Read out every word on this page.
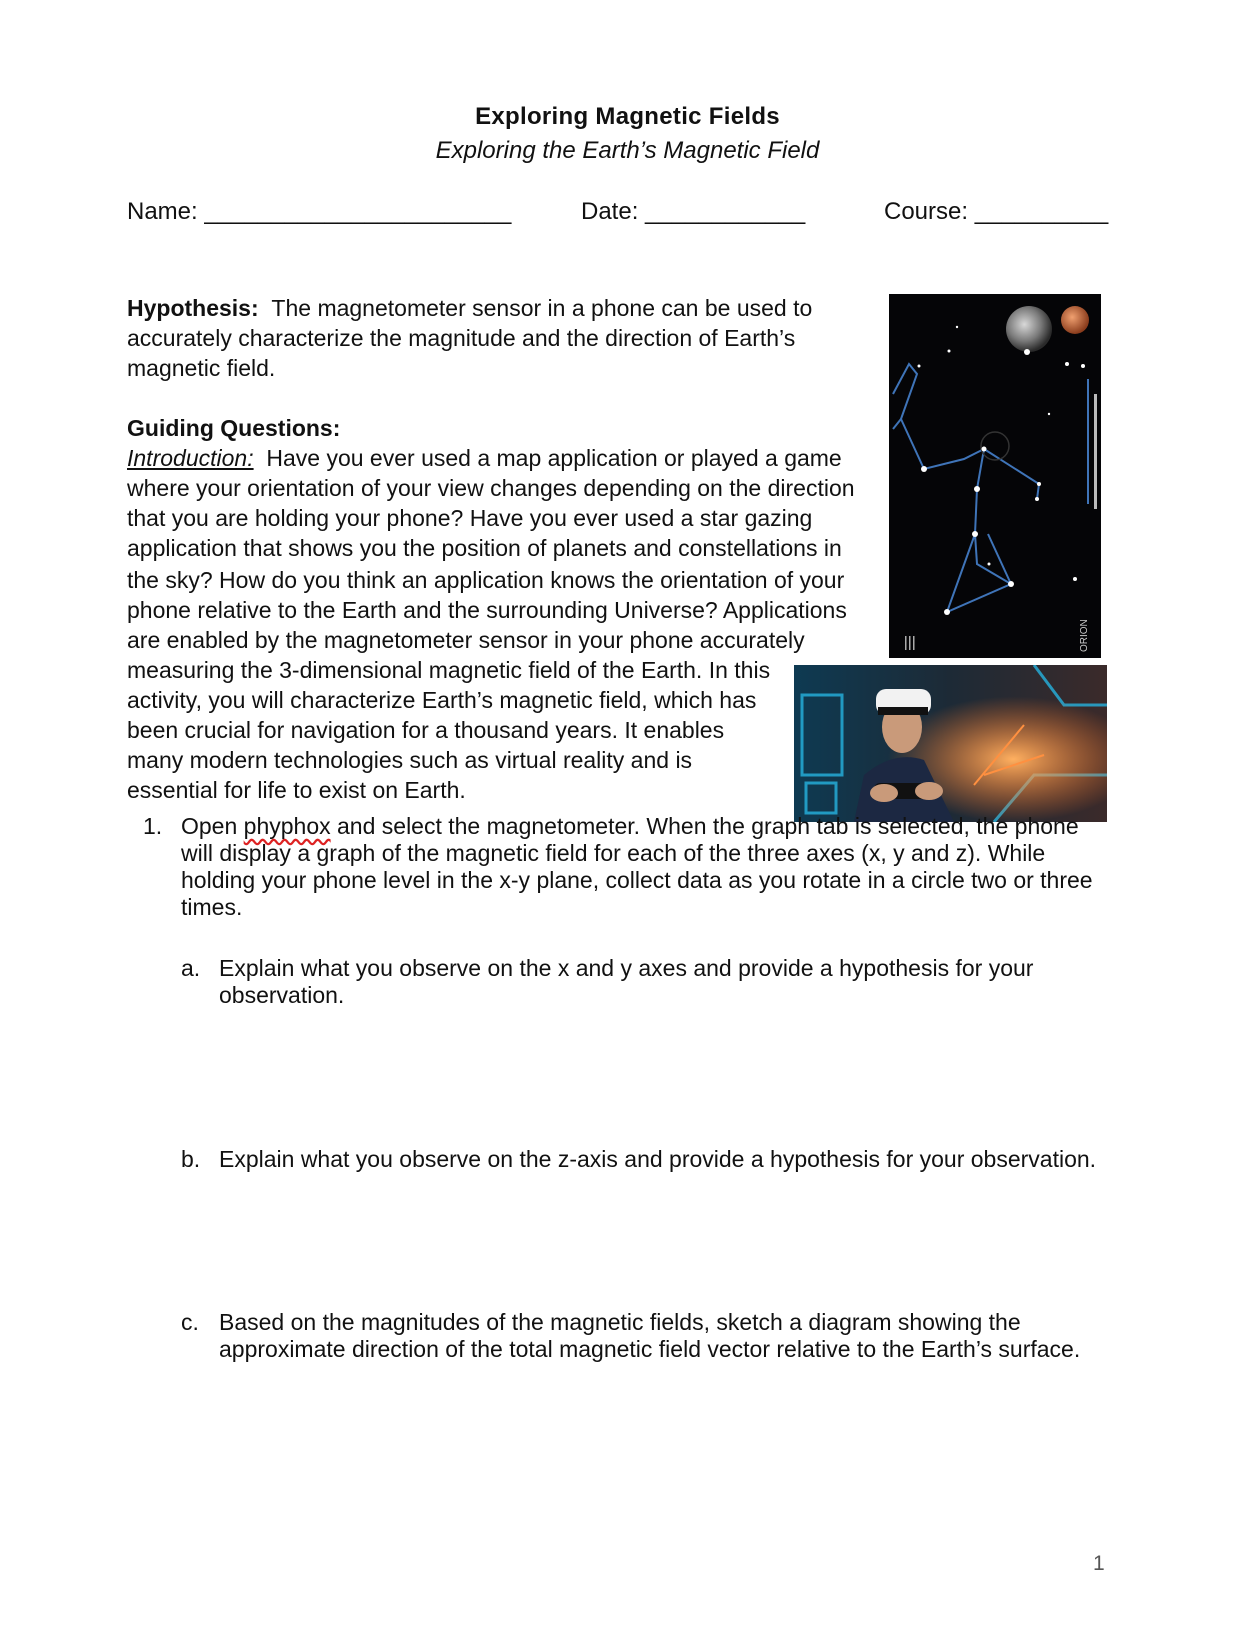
Exploring Magnetic Fields
Exploring the Earth’s Magnetic Field
Name: _______________________	Date: ____________	Course: __________
Hypothesis: The magnetometer sensor in a phone can be used to
accurately characterize the magnitude and the direction of Earth’s
magnetic field.
Guiding Questions:
Introduction: Have you ever used a map application or played a game
where your orientation of your view changes depending on the direction
that you are holding your phone? Have you ever used a star gazing
application that shows you the position of planets and constellations in
the sky? How do you think an application knows the orientation of your
phone relative to the Earth and the surrounding Universe? Applications
are enabled by the magnetometer sensor in your phone accurately
measuring the 3-dimensional magnetic field of the Earth. In this
activity, you will characterize Earth’s magnetic field, which has
been crucial for navigation for a thousand years. It enables
many modern technologies such as virtual reality and is
essential for life to exist on Earth.
ORION
1. Open phyphox and select the magnetometer. When the graph tab is selected, the phone
will display a graph of the magnetic field for each of the three axes (x, y and z). While
holding your phone level in the x-y plane, collect data as you rotate in a circle two or three
times.
a. Explain what you observe on the x and y axes and provide a hypothesis for your
observation.
b. Explain what you observe on the z-axis and provide a hypothesis for your observation.
c. Based on the magnitudes of the magnetic fields, sketch a diagram showing the
approximate direction of the total magnetic field vector relative to the Earth’s surface.
1
